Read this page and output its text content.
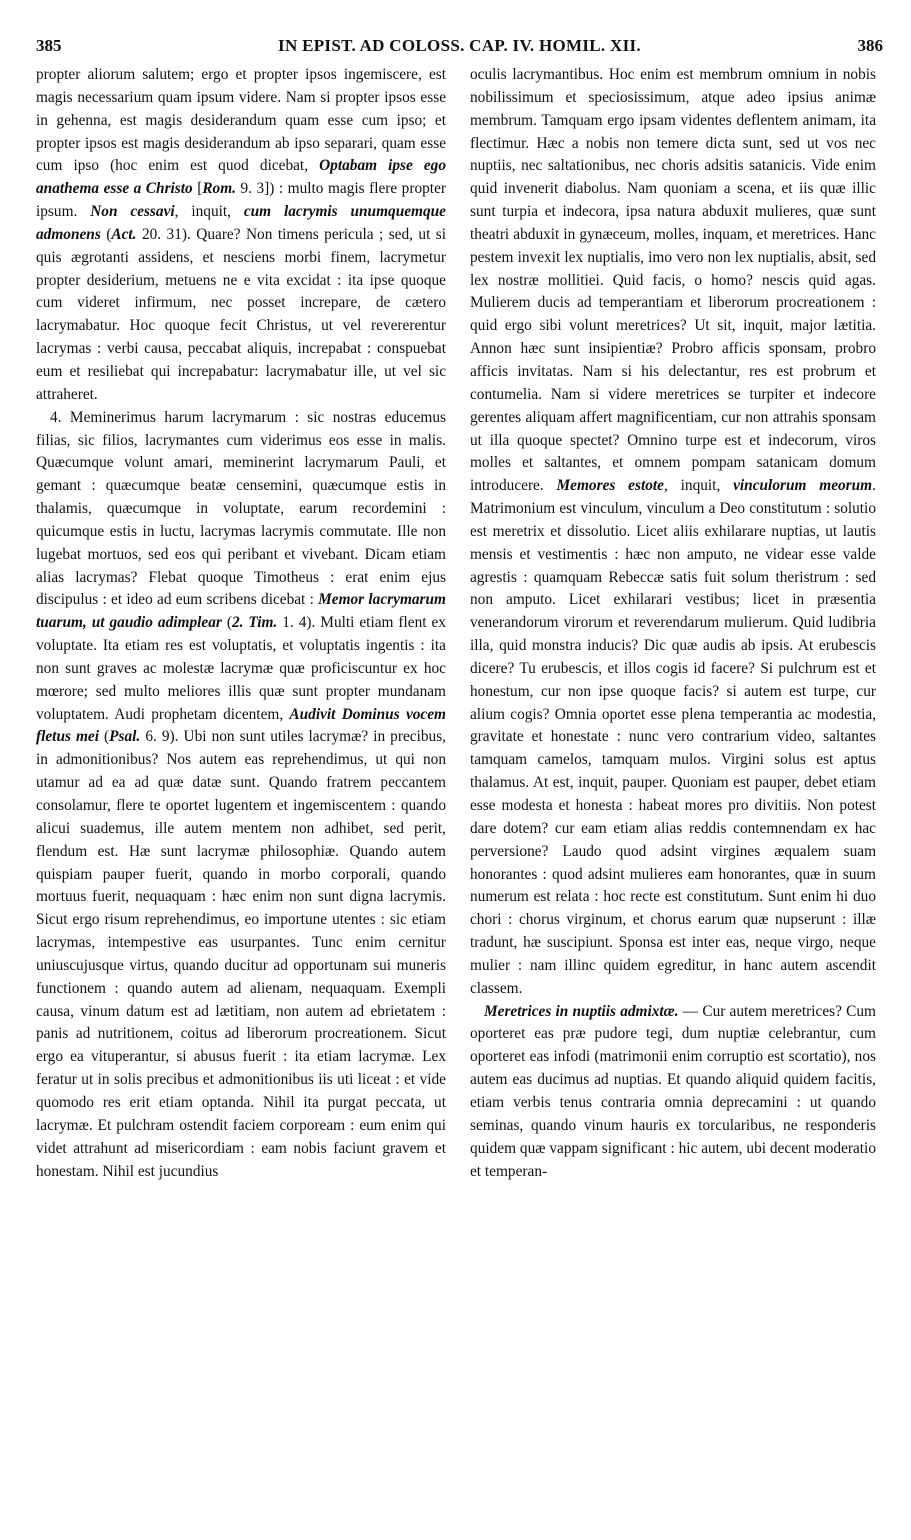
385	IN EPIST. AD COLOSS. CAP. IV. HOMIL. XII.	386

propter aliorum salutem; ergo et propter ipsos ingemiscere, est magis necessarium quam ipsum videre. Nam si propter ipsos esse in gehenna, est magis desiderandum quam esse cum ipso; et propter ipsos est magis desiderandum ab ipso separari, quam esse cum ipso (hoc enim est quod dicebat, Optabam ipse ego anathema esse a Christo [Rom. 9. 3]) : multo magis flere propter ipsum. Non cessavi, inquit, cum lacrymis unumquemque admonens (Act. 20. 31). Quare? Non timens pericula ; sed, ut si quis ægrotanti assidens, et nesciens morbi finem, lacrymetur propter desiderium, metuens ne e vita excidat : ita ipse quoque cum videret infirmum, nec posset increpare, de cætero lacrymabatur. Hoc quoque fecit Christus, ut vel revererentur lacrymas : verbi causa, peccabat aliquis, increpabat : conspuebat eum et resiliebat qui increpabatur: lacrymabatur ille, ut vel sic attraheret.

4. Meminerimus harum lacrymarum : sic nostras educemus filias, sic filios, lacrymantes cum viderimus eos esse in malis. Quæcumque volunt amari, meminerint lacrymarum Pauli, et gemant : quæcumque beatæ censemini, quæcumque estis in thalamis, quæcumque in voluptate, earum recordemini : quicumque estis in luctu, lacrymas lacrymis commutate. Ille non lugebat mortuos, sed eos qui peribant et vivebant. Dicam etiam alias lacrymas? Flebat quoque Timotheus : erat enim ejus discipulus : et ideo ad eum scribens dicebat : Memor lacrymarum tuarum, ut gaudio adimplear (2. Tim. 1. 4). Multi etiam flent ex voluptate. Ita etiam res est voluptatis, et voluptatis ingentis : ita non sunt graves ac molestæ lacrymæ quæ proficiscuntur ex hoc mœrore; sed multo meliores illis quæ sunt propter mundanam voluptatem. Audi prophetam dicentem, Audivit Dominus vocem fletus mei (Psal. 6. 9). Ubi non sunt utiles lacrymæ? in precibus, in admonitionibus? Nos autem eas reprehendimus, ut qui non utamur ad ea ad quæ datæ sunt. Quando fratrem peccantem consolamur, flere te oportet lugentem et ingemiscentem : quando alicui suademus, ille autem mentem non adhibet, sed perit, flendum est. Hæ sunt lacrymæ philosophiæ. Quando autem quispiam pauper fuerit, quando in morbo corporali, quando mortuus fuerit, nequaquam : hæc enim non sunt digna lacrymis. Sicut ergo risum reprehendimus, eo importune utentes : sic etiam lacrymas, intempestive eas usurpantes. Tunc enim cernitur uniuscujusque virtus, quando ducitur ad opportunam sui muneris functionem : quando autem ad alienam, nequaquam. Exempli causa, vinum datum est ad lætitiam, non autem ad ebrietatem : panis ad nutritionem, coitus ad liberorum procreationem. Sicut ergo ea vituperantur, si abusus fuerit : ita etiam lacrymæ. Lex feratur ut in solis precibus et admonitionibus iis uti liceat : et vide quomodo res erit etiam optanda. Nihil ita purgat peccata, ut lacrymæ. Et pulchram ostendit faciem corpoream : eum enim qui videt attrahunt ad misericordiam : eam nobis faciunt gravem et honestam. Nihil est jucundius

oculis lacrymantibus. Hoc enim est membrum omnium in nobis nobilissimum et speciosissimum, atque adeo ipsius animæ membrum. Tamquam ergo ipsam videntes deflentem animam, ita flectimur. Hæc a nobis non temere dicta sunt, sed ut vos nec nuptiis, nec saltationibus, nec choris adsitis satanicis. Vide enim quid invenerit diabolus. Nam quoniam a scena, et iis quæ illic sunt turpia et indecora, ipsa natura abduxit mulieres, quæ sunt theatri abduxit in gynæceum, molles, inquam, et meretrices. Hanc pestem invexit lex nuptialis, imo vero non lex nuptialis, absit, sed lex nostræ mollitiei. Quid facis, o homo? nescis quid agas. Mulierem ducis ad temperantiam et liberorum procreationem : quid ergo sibi volunt meretrices? Ut sit, inquit, major lætitia. Annon hæc sunt insipientiæ? Probro afficis sponsam, probro afficis invitatas. Nam si his delectantur, res est probrum et contumelia. Nam si videre meretrices se turpiter et indecore gerentes aliquam affert magnificentiam, cur non attrahis sponsam ut illa quoque spectet? Omnino turpe est et indecorum, viros molles et saltantes, et omnem pompam satanicam domum introducere. Memores estote, inquit, vinculorum meorum. Matrimonium est vinculum, vinculum a Deo constitutum : solutio est meretrix et dissolutio. Licet aliis exhilarare nuptias, ut lautis mensis et vestimentis : hæc non amputo, ne videar esse valde agrestis : quamquam Rebeccæ satis fuit solum theristrum : sed non amputo. Licet exhilarari vestibus; licet in præsentia venerandorum virorum et reverendarum mulierum. Quid ludibria illa, quid monstra inducis? Dic quæ audis ab ipsis. At erubescis dicere? Tu erubescis, et illos cogis id facere? Si pulchrum est et honestum, cur non ipse quoque facis? si autem est turpe, cur alium cogis? Omnia oportet esse plena temperantia ac modestia, gravitate et honestate : nunc vero contrarium video, saltantes tamquam camelos, tamquam mulos. Virgini solus est aptus thalamus. At est, inquit, pauper. Quoniam est pauper, debet etiam esse modesta et honesta : habeat mores pro divitiis. Non potest dare dotem? cur eam etiam alias reddis contemnendam ex hac perversione? Laudo quod adsint virgines æqualem suam honorantes : quod adsint mulieres eam honorantes, quæ in suum numerum est relata : hoc recte est constitutum. Sunt enim hi duo chori : chorus virginum, et chorus earum quæ nupserunt : illæ tradunt, hæ suscipiunt. Sponsa est inter eas, neque virgo, neque mulier : nam illinc quidem egreditur, in hanc autem ascendit classem.

Meretrices in nuptiis admixtæ. — Cur autem meretrices? Cum oporteret eas præ pudore tegi, dum nuptiæ celebrantur, cum oporteret eas infodi (matrimonii enim corruptio est scortatio), nos autem eas ducimus ad nuptias. Et quando aliquid quidem facitis, etiam verbis tenus contraria omnia deprecamini : ut quando seminas, quando vinum hauris ex torcularibus, ne responderis quidem quæ vappam significant : hic autem, ubi decent moderatio et temperan-
